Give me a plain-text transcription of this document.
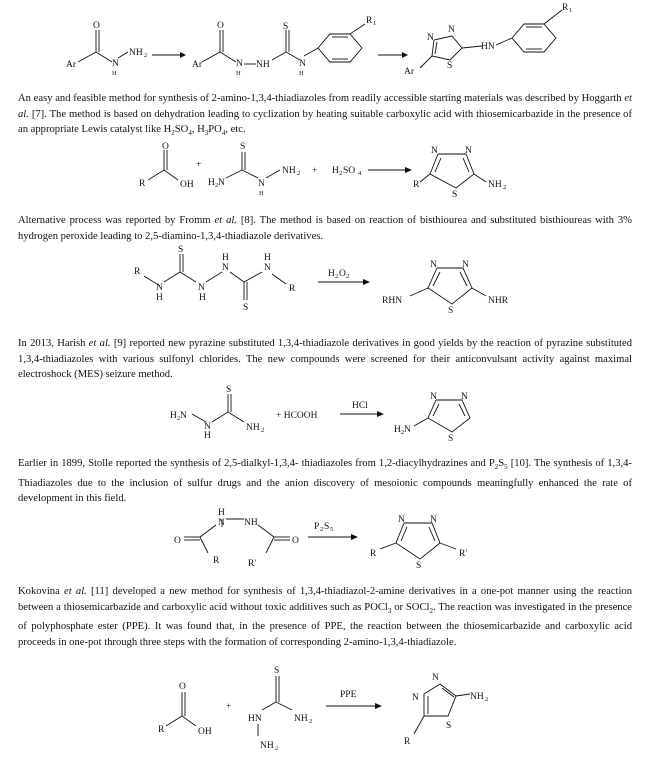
Ar
O
N
H
NH 2
Ar
O
N
H
NH
S
N
H
R 1
N
N
S
HN
Ar
R 1

An easy and feasible method for synthesis of 2-amino-1,3,4-thiadiazoles from readily accessible starting materials was described by Hoggarth et al. [7]. The method is based on dehydration leading to cyclization by heating suitable carboxylic acid with thiosemicarbazide in the presence of an appropriate Lewis catalyst like $H_2SO_4$, $H_3PO_4$, etc.

R
O
OH
+
H 2 N
S
N
H
NH 2 + H 2 SO 4
N	N
S
R	NH 2

Alternative process was reported by Fromm et al. [8]. The method is based on reaction of bisthiourea and substituted bisthioureas with 3% hydrogen peroxide leading to 2,5-diamino-1,3,4-thiadiazole derivatives.

R
N
H
S
N
H
H
N
S
H
N
R
H 2 O 2
N	N
S
RHN	NHR

In 2013, Harish et al. [9] reported new pyrazine substituted 1,3,4-thiadiazole derivatives in good yields by the reaction of pyrazine substituted 1,3,4-thiadiazoles with various sulfonyl chlorides. The new compounds were screened for their anticonvulsant activity against maximal electroshock (MES) seizure method.

H 2 N
N
H
S
NH 2
+ HCOOH
HCl
N	N
S
H 2 N

Earlier in 1899, Stolle reported the synthesis of 2,5-dialkyl-1,3,4- thiadiazoles from 1,2-diacylhydrazines and $P_2S_5$ [10]. The synthesis of 1,3,4-Thiadiazoles due to the inclusion of sulfur drugs and the anion discovery of mesoionic compounds meaningfully enhanced the rate of development in this field.

H
N NH
O	O
R	R'
P 2 S 5
N	N
S
R	R'

Kokovina et al. [11] developed a new method for synthesis of 1,3,4-thiadiazol-2-amine derivatives in a one-pot manner using the reaction between a thiosemicarbazide and carboxylic acid without toxic additives such as POCl$_3$ or SOCl$_2$. The reaction was investigated in the presence of polyphosphate ester (PPE). It was found that, in the presence of PPE, the reaction between the thiosemicarbazide and carboxylic acid proceeds in one-pot through three steps with the formation of corresponding 2-amino-1,3,4-thiadiazole.

R
O
OH
+
S
HN	NH 2
NH 2
PPE	N
N
S
NH 2
R
